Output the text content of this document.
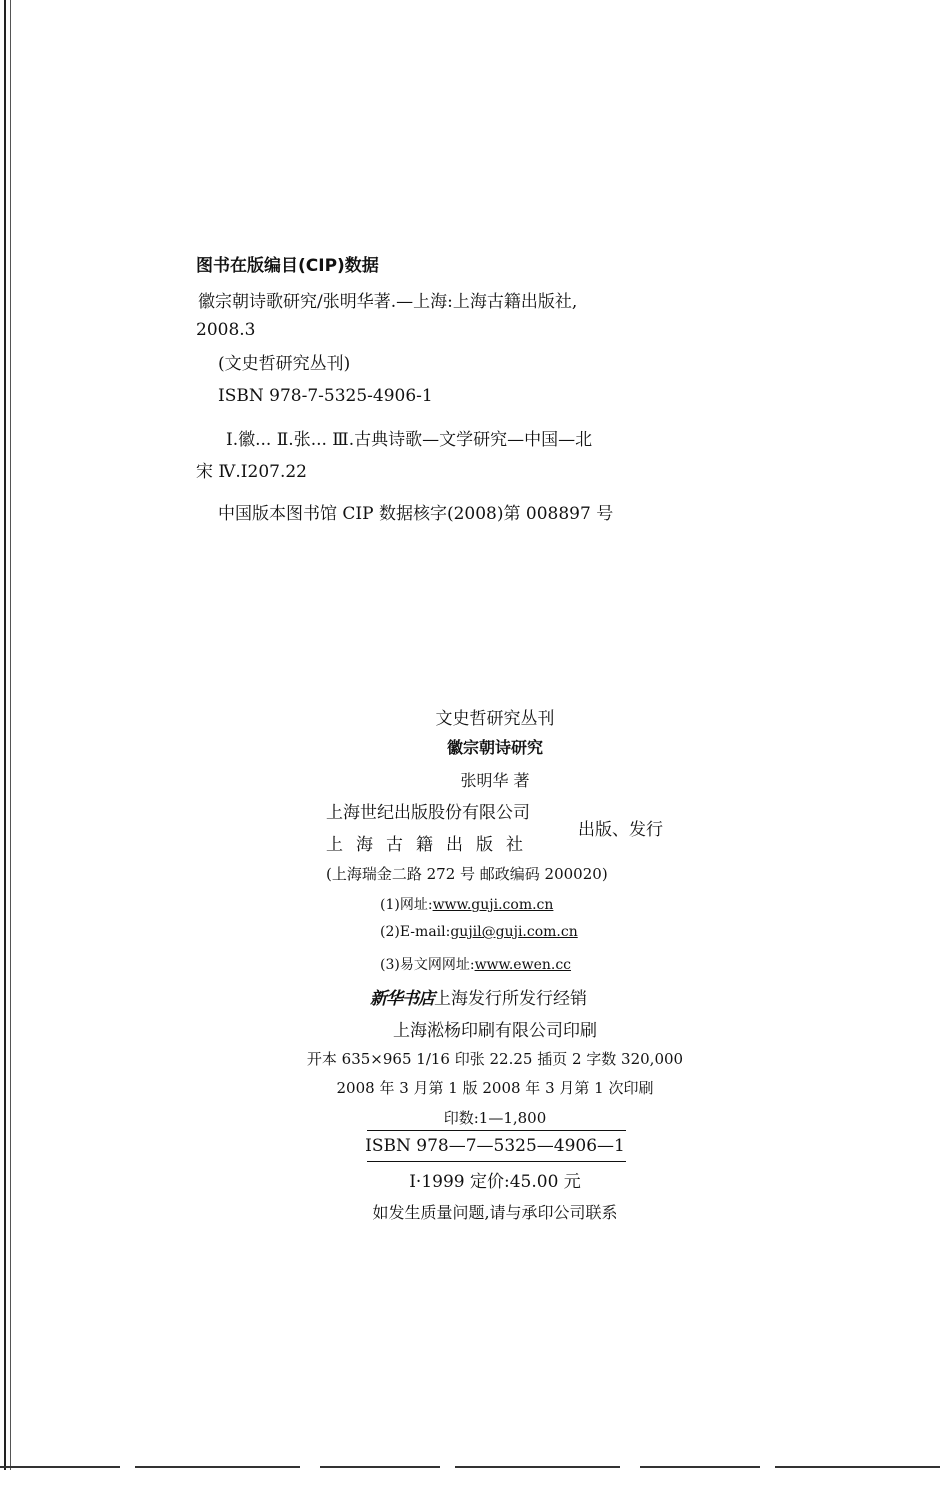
图书在版编目(CIP)数据
徽宗朝诗歌研究/张明华著.—上海:上海古籍出版社,
2008.3
(文史哲研究丛刊)
ISBN 978-7-5325-4906-1
Ⅰ.徽... Ⅱ.张... Ⅲ.古典诗歌—文学研究—中国—北
宋 Ⅳ.I207.22
中国版本图书馆 CIP 数据核字(2008)第 008897 号
文史哲研究丛刊
徽宗朝诗研究
张明华 著
上海世纪出版股份有限公司
上海古籍出版社
出版、发行
(上海瑞金二路 272 号 邮政编码 200020)
(1)网址:www.guji.com.cn
(2)E-mail:gujil@guji.com.cn
(3)易文网网址:www.ewen.cc
新华书店上海发行所发行经销
上海淞杨印刷有限公司印刷
开本 635×965 1/16 印张 22.25 插页 2 字数 320,000
2008 年 3 月第 1 版 2008 年 3 月第 1 次印刷
印数:1—1,800
ISBN 978—7—5325—4906—1
Ⅰ·1999 定价:45.00 元
如发生质量问题,请与承印公司联系
